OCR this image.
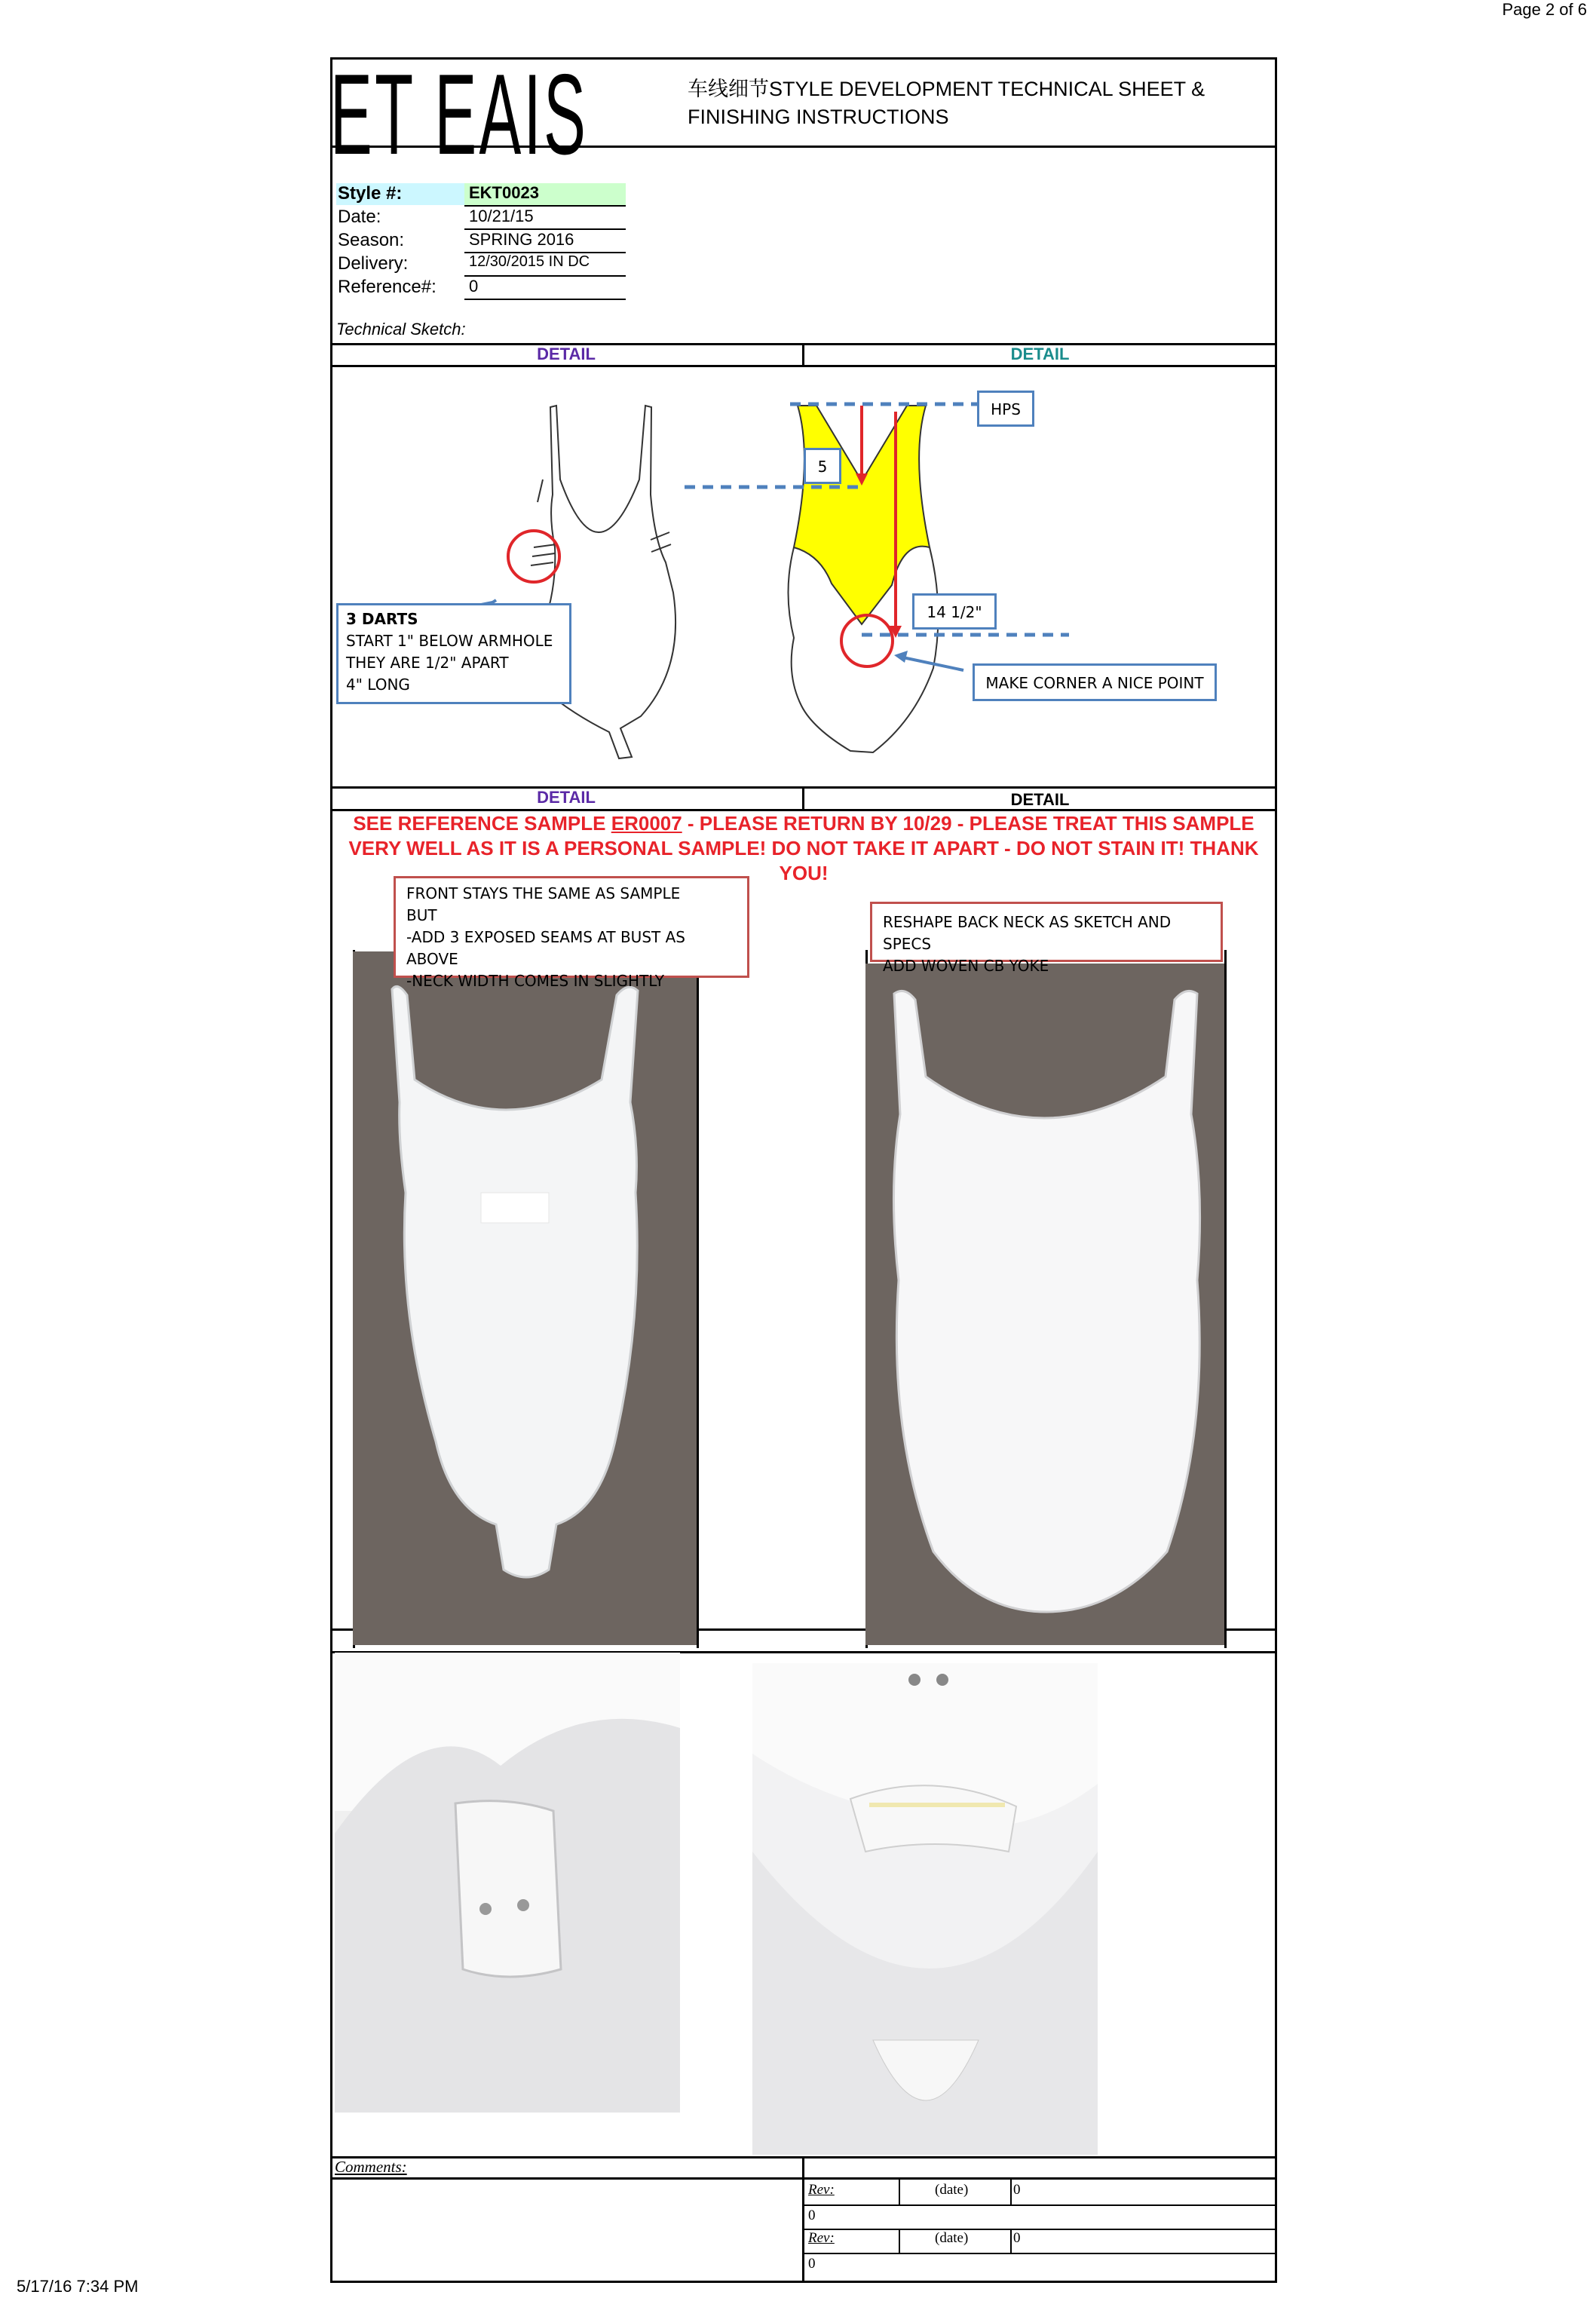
Page 2 of 6
5/17/16 7:34 PM
ET EAIS	车线细节STYLE DEVELOPMENT TECHNICAL SHEET &
FINISHING INSTRUCTIONS
Style #:	EKT0023
Date:	10/21/15
Season:	SPRING 2016
Delivery:	12/30/2015 IN DC
Reference#:	0
Technical Sketch:
DETAIL	DETAIL
DETAIL	DETAIL
3 DARTS
START 1" BELOW ARMHOLE
THEY ARE 1/2" APART
4" LONG
HPS
5
14 1/2"
MAKE CORNER A NICE POINT
SEE REFERENCE SAMPLE ER0007 - PLEASE RETURN BY 10/29 - PLEASE TREAT THIS SAMPLE VERY WELL AS IT IS A PERSONAL SAMPLE! DO NOT TAKE IT APART - DO NOT STAIN IT! THANK YOU!
FRONT STAYS THE SAME AS SAMPLE
BUT
-ADD 3 EXPOSED SEAMS AT BUST AS ABOVE
-NECK WIDTH COMES IN SLIGHTLY
RESHAPE BACK NECK AS SKETCH AND SPECS
ADD WOVEN CB YOKE
Comments:
Rev:	(date)	0
0
Rev:	(date)	0
0
